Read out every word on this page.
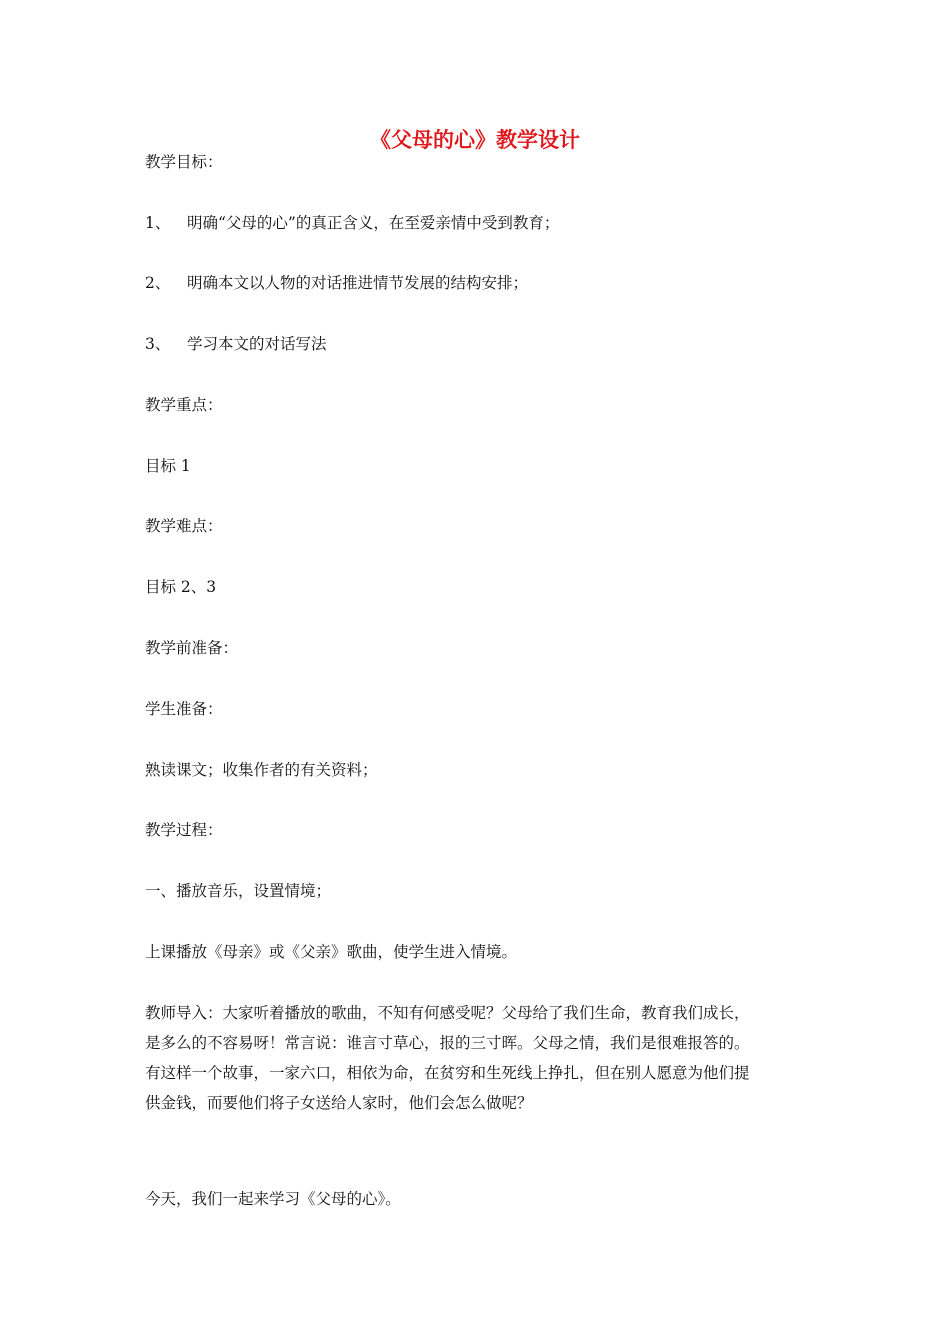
《父母的心》教学设计

教学目标：

1、 明确“父母的心”的真正含义，在至爱亲情中受到教育；

2、 明确本文以人物的对话推进情节发展的结构安排；

3、 学习本文的对话写法

教学重点：

目标 1

教学难点：

目标 2、3

教学前准备：

学生准备：

熟读课文；收集作者的有关资料；

教学过程：

一、播放音乐，设置情境；

上课播放《母亲》或《父亲》歌曲，使学生进入情境。

教师导入：大家听着播放的歌曲，不知有何感受呢？父母给了我们生命，教育我们成长，
是多么的不容易呀！常言说：谁言寸草心，报的三寸晖。父母之情，我们是很难报答的。
有这样一个故事，一家六口，相依为命，在贫穷和生死线上挣扎，但在别人愿意为他们提
供金钱，而要他们将子女送给人家时，他们会怎么做呢？

今天，我们一起来学习《父母的心》。
